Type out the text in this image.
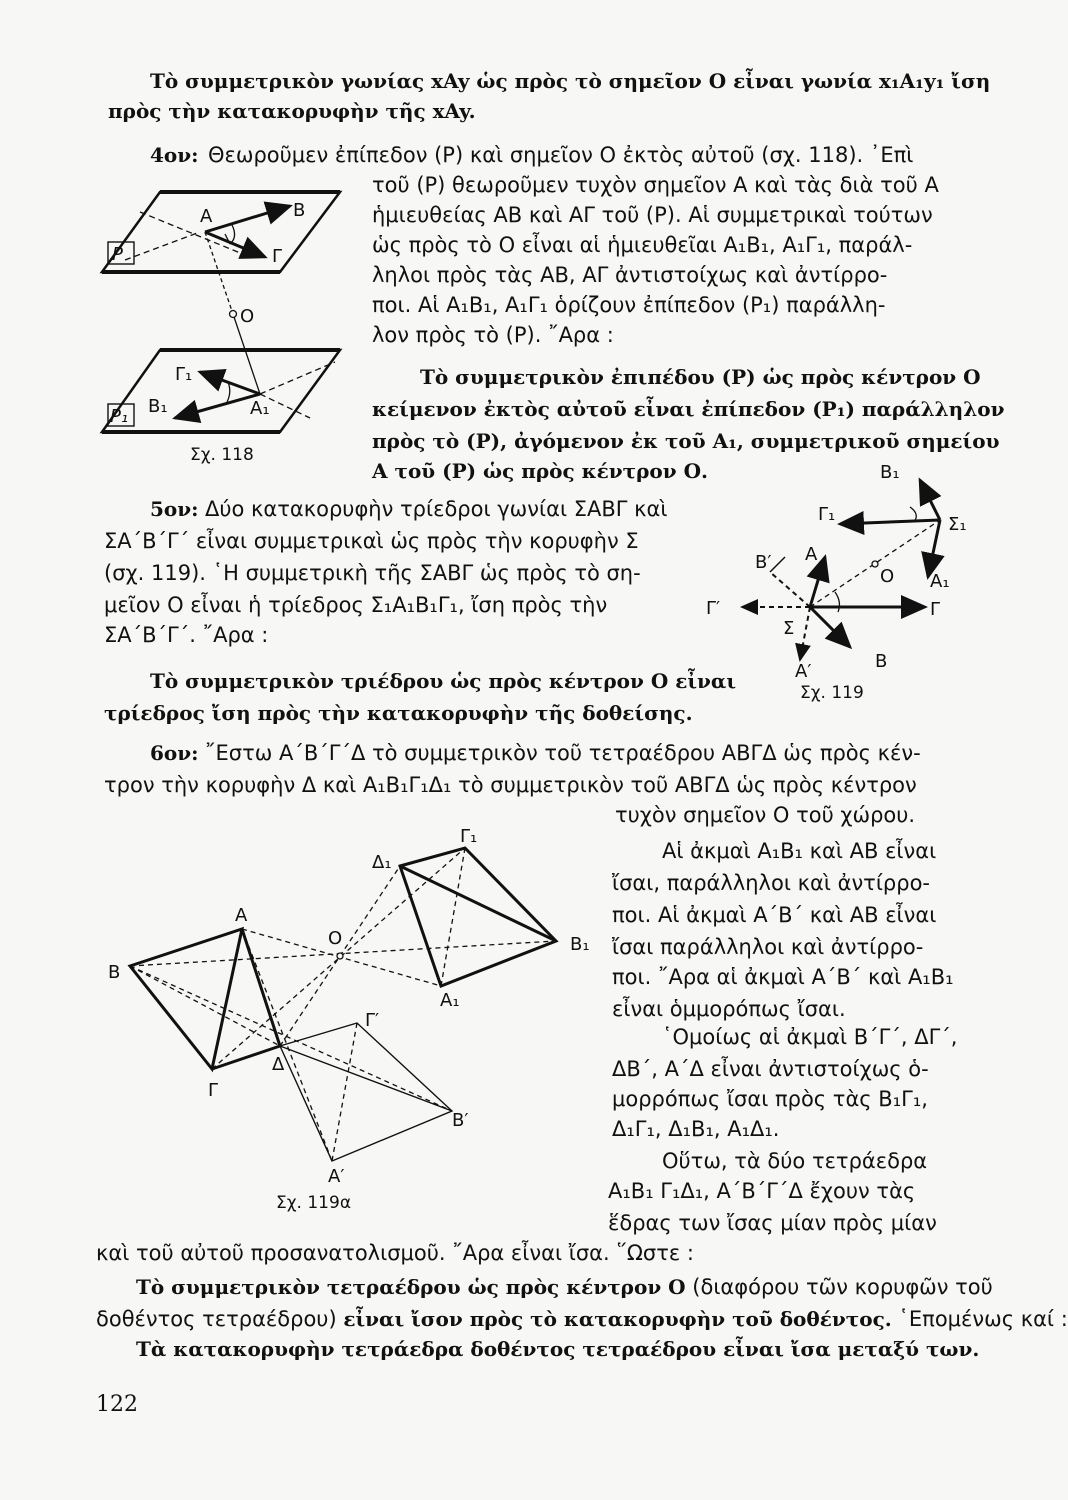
Τὸ συμμετρικὸν γωνίας xAy ὡς πρὸς τὸ σημεῖον Ο εἶναι γωνία x₁A₁y₁ ἴση
πρὸς τὴν κατακορυφὴν τῆς xAy.
4ον: Θεωροῦμεν ἐπίπεδον (Ρ) καὶ σημεῖον Ο ἐκτὸς αὐτοῦ (σχ. 118). ᾿Επὶ
τοῦ (Ρ) θεωροῦμεν τυχὸν σημεῖον Α καὶ τὰς διὰ τοῦ Α
ἡμιευθείας ΑΒ καὶ ΑΓ τοῦ (Ρ). Αἱ συμμετρικαὶ τούτων
ὡς πρὸς τὸ Ο εἶναι αἱ ἡμιευθεῖαι Α₁Β₁, Α₁Γ₁, παράλ-
ληλοι πρὸς τὰς ΑΒ, ΑΓ ἀντιστοίχως καὶ ἀντίρρο-
ποι. Αἱ Α₁Β₁, Α₁Γ₁ ὁρίζουν ἐπίπεδον (Ρ₁) παράλλη-
λον πρὸς τὸ (Ρ). ῎Αρα :
Τὸ συμμετρικὸν ἐπιπέδου (Ρ) ὡς πρὸς κέντρον Ο
κείμενον ἐκτὸς αὐτοῦ εἶναι ἐπίπεδον (Ρ₁) παράλληλον
πρὸς τὸ (Ρ), ἀγόμενον ἐκ τοῦ Α₁, συμμετρικοῦ σημείου
Α τοῦ (Ρ) ὡς πρὸς κέντρον Ο.
5ον: Δύο κατακορυφὴν τρίεδροι γωνίαι ΣΑΒΓ καὶ
ΣΑ΄Β΄Γ΄ εἶναι συμμετρικαὶ ὡς πρὸς τὴν κορυφὴν Σ
(σχ. 119). ῾Η συμμετρικὴ τῆς ΣΑΒΓ ὡς πρὸς τὸ ση-
μεῖον Ο εἶναι ἡ τρίεδρος Σ₁Α₁Β₁Γ₁, ἴση πρὸς τὴν
ΣΑ΄Β΄Γ΄. ῎Αρα :
Τὸ συμμετρικὸν τριέδρου ὡς πρὸς κέντρον Ο εἶναι
τρίεδρος ἴση πρὸς τὴν κατακορυφὴν τῆς δοθείσης.
6ον: ῎Εστω Α΄Β΄Γ΄Δ τὸ συμμετρικὸν τοῦ τετραέδρου ΑΒΓΔ ὡς πρὸς κέν-
τρον τὴν κορυφὴν Δ καὶ Α₁Β₁Γ₁Δ₁ τὸ συμμετρικὸν τοῦ ΑΒΓΔ ὡς πρὸς κέντρον
τυχὸν σημεῖον Ο τοῦ χώρου.
Αἱ ἀκμαὶ Α₁Β₁ καὶ ΑΒ εἶναι
ἴσαι, παράλληλοι καὶ ἀντίρρο-
ποι. Αἱ ἀκμαὶ Α΄Β΄ καὶ ΑΒ εἶναι
ἴσαι παράλληλοι καὶ ἀντίρρο-
ποι. ῎Αρα αἱ ἀκμαὶ Α΄Β΄ καὶ Α₁Β₁
εἶναι ὁμμορόπως ἴσαι.
῾Ομοίως αἱ ἀκμαὶ Β΄Γ΄, ΔΓ΄,
ΔΒ΄, Α΄Δ εἶναι ἀντιστοίχως ὁ-
μορρόπως ἴσαι πρὸς τὰς Β₁Γ₁,
Δ₁Γ₁, Δ₁Β₁, Α₁Δ₁.
Οὕτω, τὰ δύο τετράεδρα
Α₁Β₁ Γ₁Δ₁, Α΄Β΄Γ΄Δ ἔχουν τὰς
ἕδρας των ἴσας μίαν πρὸς μίαν
καὶ τοῦ αὐτοῦ προσανατολισμοῦ. ῎Αρα εἶναι ἴσα. ῞Ωστε :
Τὸ συμμετρικὸν τετραέδρου ὡς πρὸς κέντρον Ο (διαφόρου τῶν κορυφῶν τοῦ
δοθέντος τετραέδρου) εἶναι ἴσον πρὸς τὸ κατακορυφὴν τοῦ δοθέντος. ῾Επομένως καί :
Τὰ κατακορυφὴν τετράεδρα δοθέντος τετραέδρου εἶναι ἴσα μεταξύ των.
122
A	B
Γ
O
P
Γ₁
B₁	A₁
P₁
Σχ. 118
B₁
Γ₁	Σ₁
A₁
A
O
B′
Γ′
Σ
Γ
A′	B
Σχ. 119
B
A
Γ
Δ
O
Δ₁
Γ₁
B₁
A₁
Γ′
B′
A′
Σχ. 119α
